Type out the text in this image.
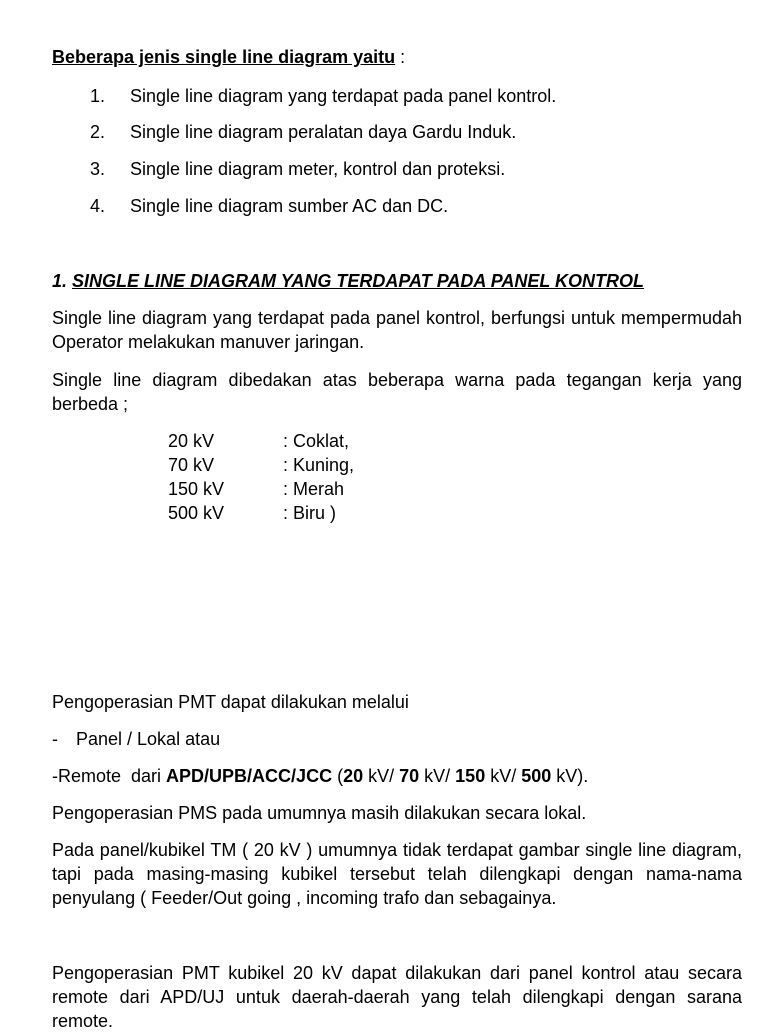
Beberapa jenis single line diagram yaitu :
1. Single line diagram yang terdapat pada panel kontrol.
2. Single line diagram peralatan daya Gardu Induk.
3. Single line diagram meter, kontrol dan proteksi.
4. Single line diagram sumber AC dan DC.
1. SINGLE LINE DIAGRAM YANG TERDAPAT PADA PANEL KONTROL
Single line diagram yang terdapat pada panel kontrol, berfungsi untuk mempermudah Operator melakukan manuver jaringan.
Single line diagram dibedakan atas beberapa warna pada tegangan kerja yang berbeda ;
20 kV	: Coklat,
70 kV	: Kuning,
150 kV	: Merah
500 kV	: Biru )
Pengoperasian PMT dapat dilakukan melalui
- Panel / Lokal atau
-Remote  dari APD/UPB/ACC/JCC (20 kV/ 70 kV/ 150 kV/ 500 kV).
Pengoperasian PMS pada umumnya masih dilakukan secara lokal.
Pada panel/kubikel TM ( 20 kV ) umumnya tidak terdapat gambar single line diagram, tapi pada masing-masing kubikel tersebut telah dilengkapi dengan nama-nama penyulang ( Feeder/Out going , incoming trafo dan sebagainya.
Pengoperasian PMT kubikel 20 kV dapat dilakukan dari panel kontrol atau secara remote dari APD/UJ untuk daerah-daerah yang telah dilengkapi dengan sarana remote.
